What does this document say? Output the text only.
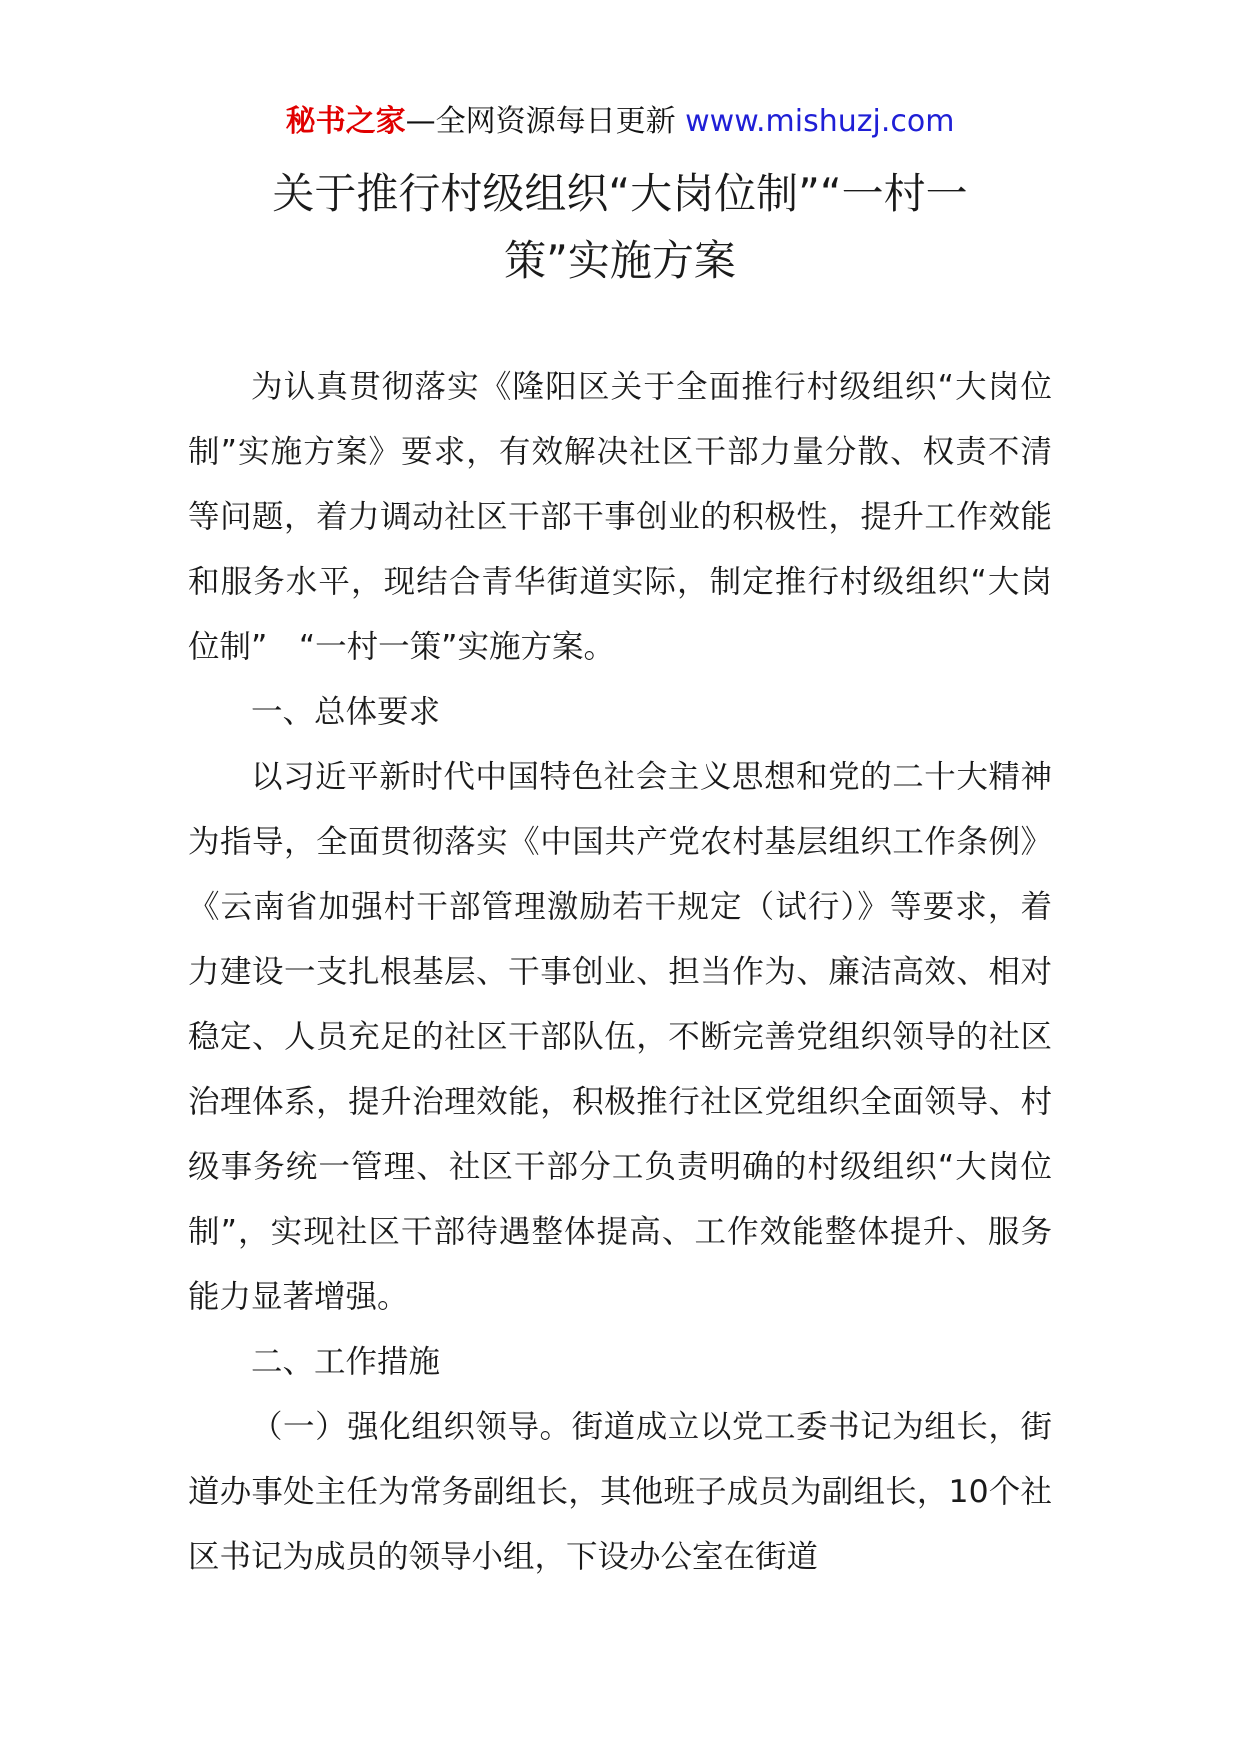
秘书之家—全网资源每日更新 www.mishuzj.com
关于推行村级组织“大岗位制”“一村一
策”实施方案

为认真贯彻落实《隆阳区关于全面推行村级组织“大岗位制”实施方案》要求，有效解决社区干部力量分散、权责不清等问题，着力调动社区干部干事创业的积极性，提升工作效能和服务水平，现结合青华街道实际，制定推行村级组织“大岗位制”　“一村一策”实施方案。

一、总体要求

以习近平新时代中国特色社会主义思想和党的二十大精神为指导，全面贯彻落实《中国共产党农村基层组织工作条例》《云南省加强村干部管理激励若干规定（试行）》等要求，着力建设一支扎根基层、干事创业、担当作为、廉洁高效、相对稳定、人员充足的社区干部队伍，不断完善党组织领导的社区治理体系，提升治理效能，积极推行社区党组织全面领导、村级事务统一管理、社区干部分工负责明确的村级组织“大岗位制”，实现社区干部待遇整体提高、工作效能整体提升、服务能力显著增强。

二、工作措施

（一）强化组织领导。街道成立以党工委书记为组长，街道办事处主任为常务副组长，其他班子成员为副组长，10个社区书记为成员的领导小组，下设办公室在街道
